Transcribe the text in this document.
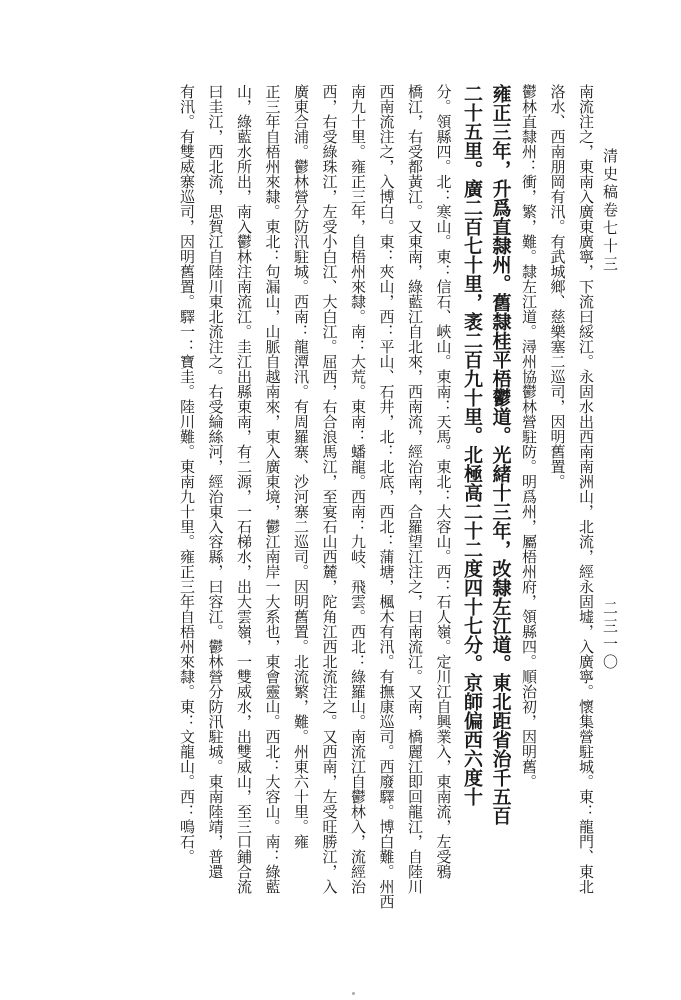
清史稿卷七十三
二三一〇

南流注之，東南入廣東廣寧，下流曰綏江。永固水出西南南洲山，北流，經永固墟，入廣寧。懷集營駐城。東：龍門、東北

洛水、西南朋岡有汛。有武城鄉、慈樂塞二巡司，因明舊置。

鬱林直隸州：衝，繁，難。隸左江道。潯州協鬱林營駐防。明爲州，屬梧州府，領縣四。順治初，因明舊。

雍正三年，升爲直隸州。舊隸桂平梧鬱道。光緒十三年，改隸左江道。東北距省治千五百

二十五里。廣二百七十里，袤二百九十里。北極高二十二度四十七分。京師偏西六度十

分。領縣四。北：寒山。東：信石、峽山。東南：天馬。東北：大容山。西：石人嶺。定川江自興業入，東南流，左受鴉

橋江，右受都黃江。又東南，綠藍江自北來，西南流，經治南，合羅望江注之，曰南流江。又南，橋麗江即回龍江，自陸川

西南流注之，入博白。東：夾山，西：平山、石井，北：北底，西北：蒲塘，楓木有汛。有撫康巡司。西廢驛。博白難。州西

南九十里。雍正三年，自梧州來隸。南：大荒。東南：蟠龍。西南：九岐、飛雲。西北：綠羅山。南流江自鬱林入，流經治

西，右受綠珠江，左受小白江、大白江。屈西，右合浪馬江，至宴石山西麓，陀角江西北流注之。又西南，左受旺勝江，入

廣東合浦。鬱林營分防汛駐城。西南：龍潭汛。有周羅寨、沙河寨二巡司。因明舊置。北流繁，難。州東六十里。雍

正三年自梧州來隸。東北：句漏山，山脈自越南來，東入廣東境，鬱江南岸一大系也，東會靈山。西北：大容山。南：綠藍

山，綠藍水所出，南入鬱林注南流江。圭江出縣東南，有二源，一石梯水，出大雲嶺，一雙威水，出雙威山，至三口鋪合流

曰圭江，西北流，思賀江自陸川東北流注之。右受綸絲河，經治東入容縣，曰容江。鬱林營分防汛駐城。東南陸靖，普還

有汛。有雙威寨巡司，因明舊置。驛一：寶圭。陸川難。東南九十里。雍正三年自梧州來隸。東：文龍山。西：鳴石。
